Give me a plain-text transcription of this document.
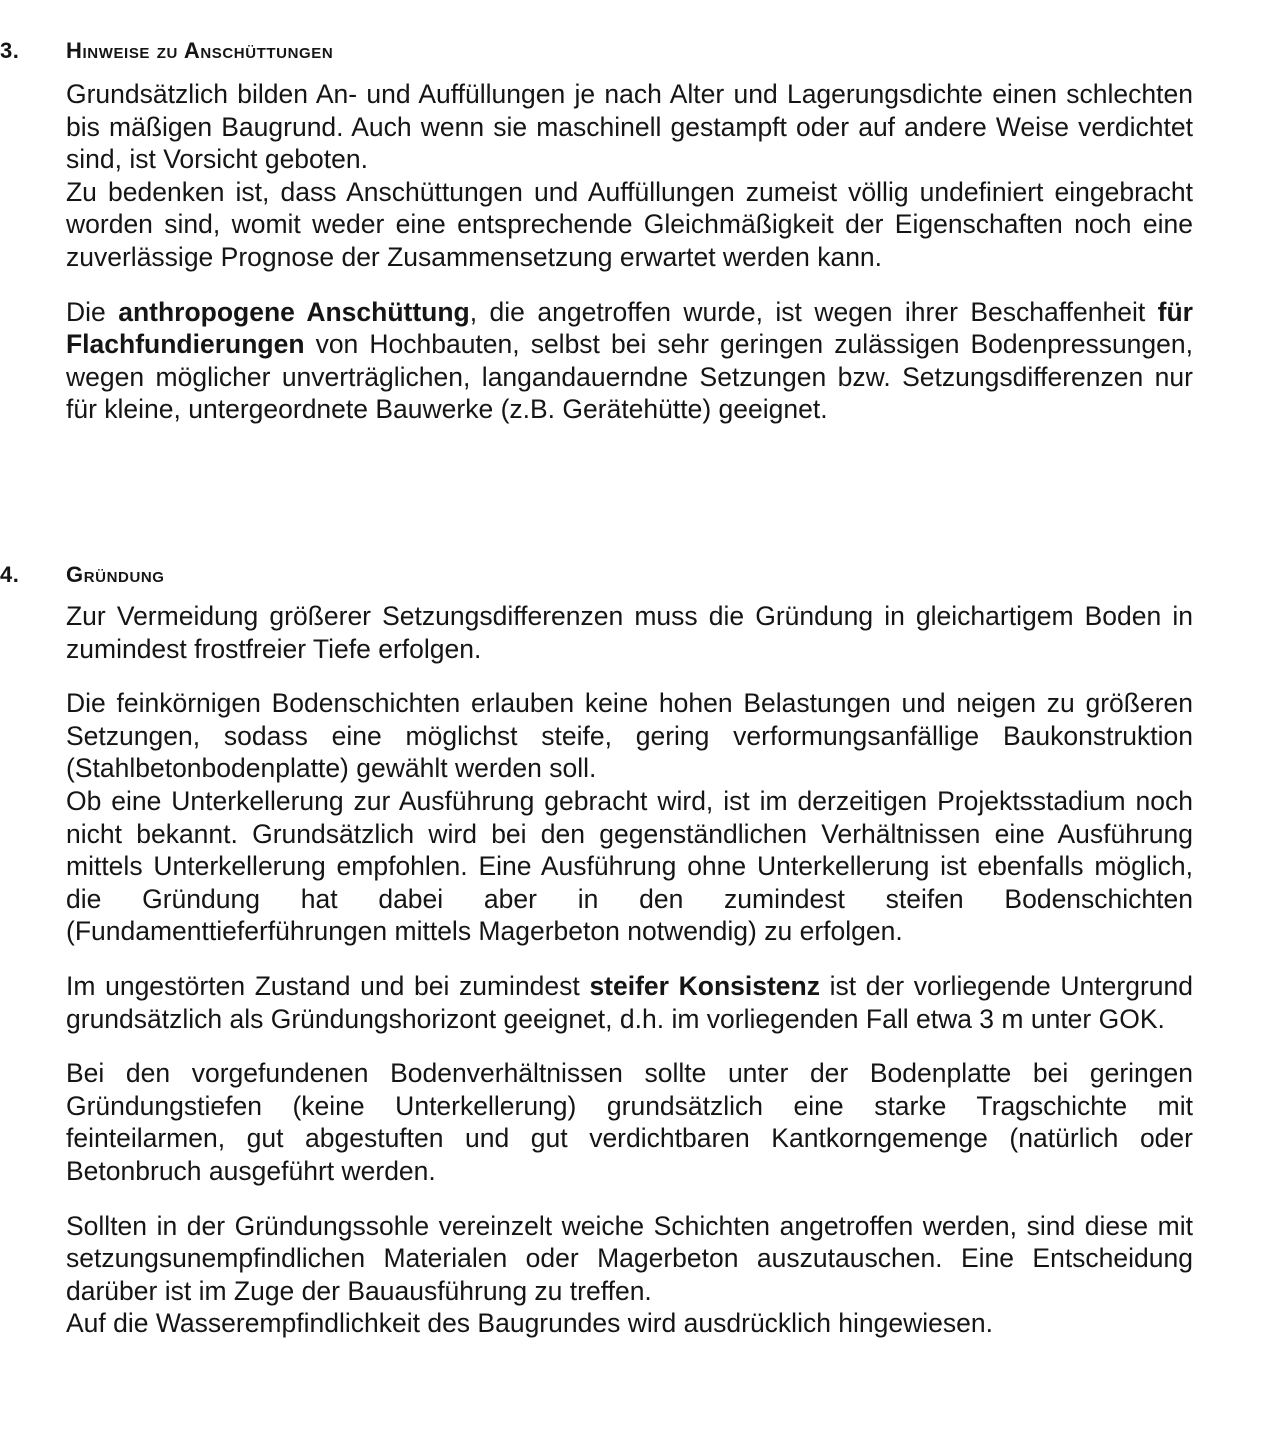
3. Hinweise zu Anschüttungen

Grundsätzlich bilden An- und Auffüllungen je nach Alter und Lagerungsdichte einen schlechten bis mäßigen Baugrund. Auch wenn sie maschinell gestampft oder auf andere Weise verdichtet sind, ist Vorsicht geboten.

Zu bedenken ist, dass Anschüttungen und Auffüllungen zumeist völlig undefiniert eingebracht worden sind, womit weder eine entsprechende Gleichmäßigkeit der Eigenschaften noch eine zuverlässige Prognose der Zusammensetzung erwartet werden kann.

Die anthropogene Anschüttung, die angetroffen wurde, ist wegen ihrer Beschaffenheit für Flachfundierungen von Hochbauten, selbst bei sehr geringen zulässigen Bodenpressungen, wegen möglicher unverträglichen, langandauerndne Setzungen bzw. Setzungsdifferenzen nur für kleine, untergeordnete Bauwerke (z.B. Gerätehütte) geeignet.

4. Gründung

Zur Vermeidung größerer Setzungsdifferenzen muss die Gründung in gleichartigem Boden in zumindest frostfreier Tiefe erfolgen.

Die feinkörnigen Bodenschichten erlauben keine hohen Belastungen und neigen zu größeren Setzungen, sodass eine möglichst steife, gering verformungsanfällige Baukonstruktion (Stahlbetonbodenplatte) gewählt werden soll.

Ob eine Unterkellerung zur Ausführung gebracht wird, ist im derzeitigen Projektsstadium noch nicht bekannt. Grundsätzlich wird bei den gegenständlichen Verhältnissen eine Ausführung mittels Unterkellerung empfohlen. Eine Ausführung ohne Unterkellerung ist ebenfalls möglich, die Gründung hat dabei aber in den zumindest steifen Bodenschichten (Fundamenttieferführungen mittels Magerbeton notwendig) zu erfolgen.

Im ungestörten Zustand und bei zumindest steifer Konsistenz ist der vorliegende Untergrund grundsätzlich als Gründungshorizont geeignet, d.h. im vorliegenden Fall etwa 3 m unter GOK.

Bei den vorgefundenen Bodenverhältnissen sollte unter der Bodenplatte bei geringen Gründungstiefen (keine Unterkellerung) grundsätzlich eine starke Tragschichte mit feinteilarmen, gut abgestuften und gut verdichtbaren Kantkorngemenge (natürlich oder Betonbruch ausgeführt werden.

Sollten in der Gründungssohle vereinzelt weiche Schichten angetroffen werden, sind diese mit setzungsunempfindlichen Materialen oder Magerbeton auszutauschen. Eine Entscheidung darüber ist im Zuge der Bauausführung zu treffen.

Auf die Wasserempfindlichkeit des Baugrundes wird ausdrücklich hingewiesen.
